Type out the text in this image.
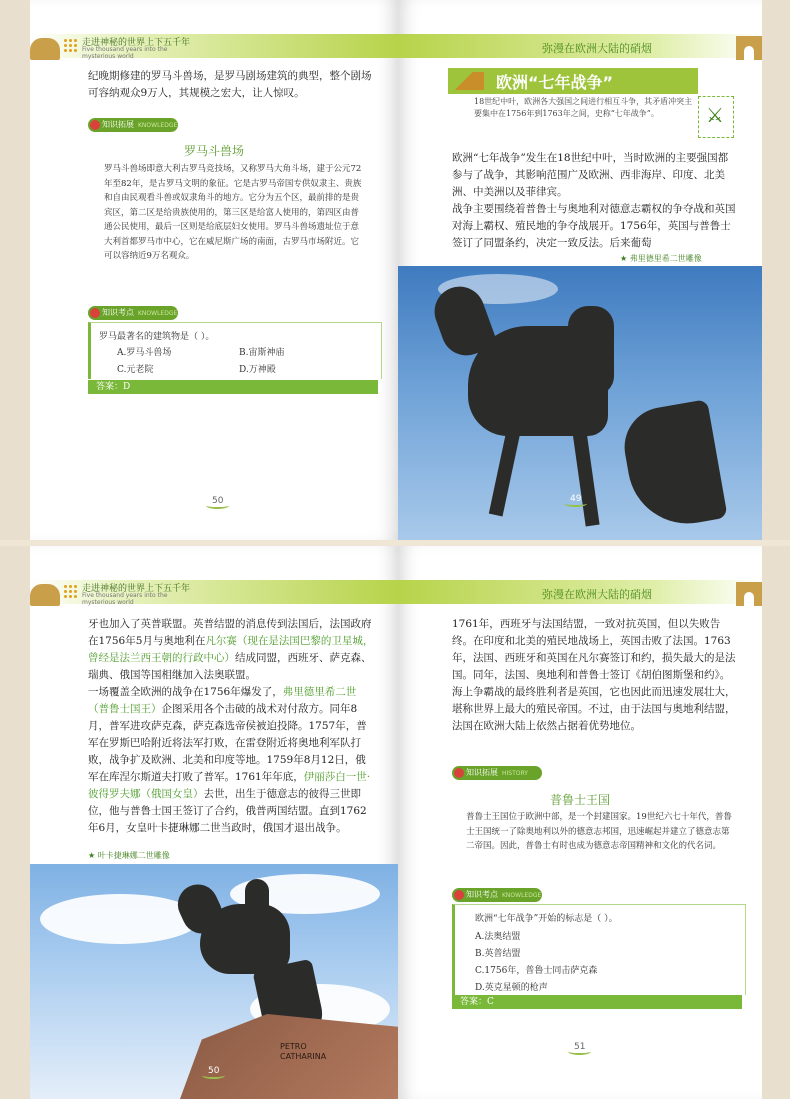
走进神秘的世界上下五千年
Five thousand years into the mysterious world
纪晚期修建的罗马斗兽场，是罗马剧场建筑的典型，整个剧场可容纳观众9万人，其规模之宏大，让人惊叹。
知识拓展 KNOWLEDGE
罗马斗兽场
罗马斗兽场即意大利古罗马竞技场，又称罗马大角斗场，建于公元72年至82年，是古罗马文明的象征。它是古罗马帝国专供奴隶主、贵族和自由民观看斗兽或奴隶角斗的地方。它分为五个区，最前排的是贵宾区，第二区是给贵族使用的，第三区是给富人使用的，第四区由普通公民使用，最后一区则是给底层妇女使用。罗马斗兽场遗址位于意大利首都罗马市中心，它在威尼斯广场的南面，古罗马市场附近。它可以容纳近9万名观众。
知识考点 KNOWLEDGE
罗马最著名的建筑物是（ ）。
A.罗马斗兽场	B.宙斯神庙
C.元老院	D.万神殿
答案：D
50
弥漫在欧洲大陆的硝烟
欧洲“七年战争”
18世纪中叶，欧洲各大强国之间进行相互斗争，其矛盾冲突主要集中在1756年到1763年之间，史称“七年战争”。
⚔
欧洲“七年战争”发生在18世纪中叶，当时欧洲的主要强国都参与了战争，其影响范围广及欧洲、西非海岸、印度、北美洲、中美洲以及菲律宾。
战争主要围绕着普鲁士与奥地利对德意志霸权的争夺战和英国对海上霸权、殖民地的争夺战展开。1756年，英国与普鲁士签订了同盟条约，决定一致反法。后来葡萄
★ 弗里德里希二世雕像
49
走进神秘的世界上下五千年
Five thousand years into the mysterious world
牙也加入了英普联盟。英普结盟的消息传到法国后，法国政府在1756年5月与奥地利在凡尔赛（现在是法国巴黎的卫星城，曾经是法兰西王朝的行政中心）结成同盟，西班牙、萨克森、瑞典、俄国等国相继加入法奥联盟。
一场覆盖全欧洲的战争在1756年爆发了，弗里德里希二世（普鲁士国王）企图采用各个击破的战术对付敌方。同年8月，普军进攻萨克森，萨克森选帝侯被迫投降。1757年，普军在罗斯巴哈附近将法军打败，在雷登附近将奥地利军队打败，战争扩及欧洲、北美和印度等地。1759年8月12日，俄军在库涅尔斯道夫打败了普军。1761年年底，伊丽莎白一世·彼得罗夫娜（俄国女皇）去世，出生于德意志的彼得三世即位，他与普鲁士国王签订了合约，俄普两国结盟。直到1762年6月，女皇叶卡捷琳娜二世当政时，俄国才退出战争。
★ 叶卡捷琳娜二世雕像
PETRO
CATHARINA
50
弥漫在欧洲大陆的硝烟
1761年，西班牙与法国结盟，一致对抗英国，但以失败告终。在印度和北美的殖民地战场上，英国击败了法国。1763年，法国、西班牙和英国在凡尔赛签订和约，损失最大的是法国。同年，法国、奥地利和普鲁士签订《胡伯图斯堡和约》。海上争霸战的最终胜利者是英国，它也因此而迅速发展壮大，堪称世界上最大的殖民帝国。不过，由于法国与奥地利结盟，法国在欧洲大陆上依然占据着优势地位。
知识拓展 HISTORY
普鲁士王国
普鲁士王国位于欧洲中部，是一个封建国家。19世纪六七十年代，普鲁士王国统一了除奥地利以外的德意志邦国，迅速崛起并建立了德意志第二帝国。因此，普鲁士有时也成为德意志帝国精神和文化的代名词。
知识考点 KNOWLEDGE
欧洲“七年战争”开始的标志是（ ）。
A.法奥结盟
B.英普结盟
C.1756年，普鲁士同击萨克森
D.英克星顿的枪声
答案：C
51
